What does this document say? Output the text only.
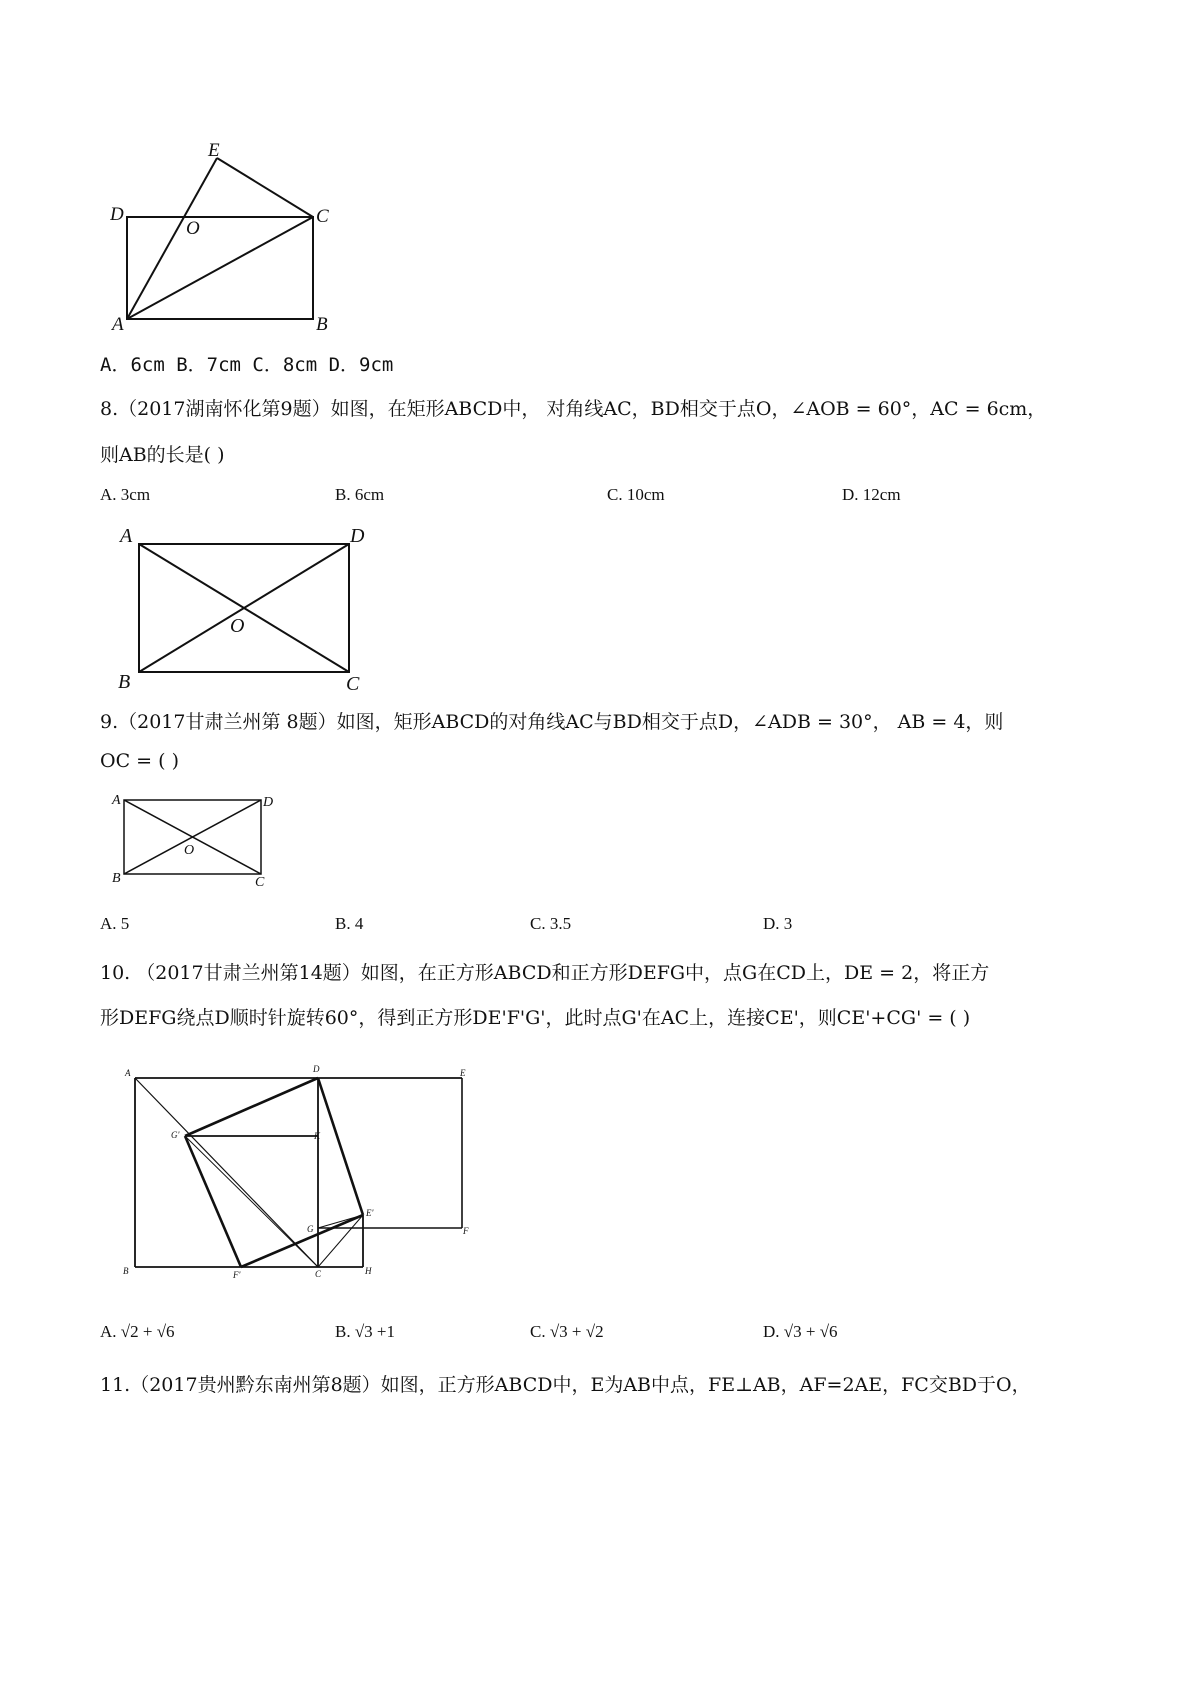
E
D
O
C
A	B
A．6cm B．7cm C．8cm D．9cm
8.（2017湖南怀化第9题）如图，在矩形ABCD中， 对角线AC，BD相交于点O，∠AOB = 60°，AC = 6cm，
则AB的长是( )
A. 3cm	B. 6cm	C. 10cm	D. 12cm
A	D
O
B	C
9.（2017甘肃兰州第 8题）如图，矩形ABCD的对角线AC与BD相交于点D，∠ADB = 30°， AB = 4，则
OC = ( )
A	D
O
B	C
A. 5	B. 4	C. 3.5	D. 3
10. （2017甘肃兰州第14题）如图，在正方形ABCD和正方形DEFG中，点G在CD上，DE = 2，将正方
形DEFG绕点D顺时针旋转60°，得到正方形DE'F'G'，此时点G'在AC上，连接CE'，则CE'+CG' = ( )
A	D	E
G'	K
G
E'
F
B	F'	C	H
A. √2 + √6	B. √3 +1	C. √3 + √2	D. √3 + √6
11.（2017贵州黔东南州第8题）如图，正方形ABCD中，E为AB中点，FE⊥AB，AF=2AE，FC交BD于O，
